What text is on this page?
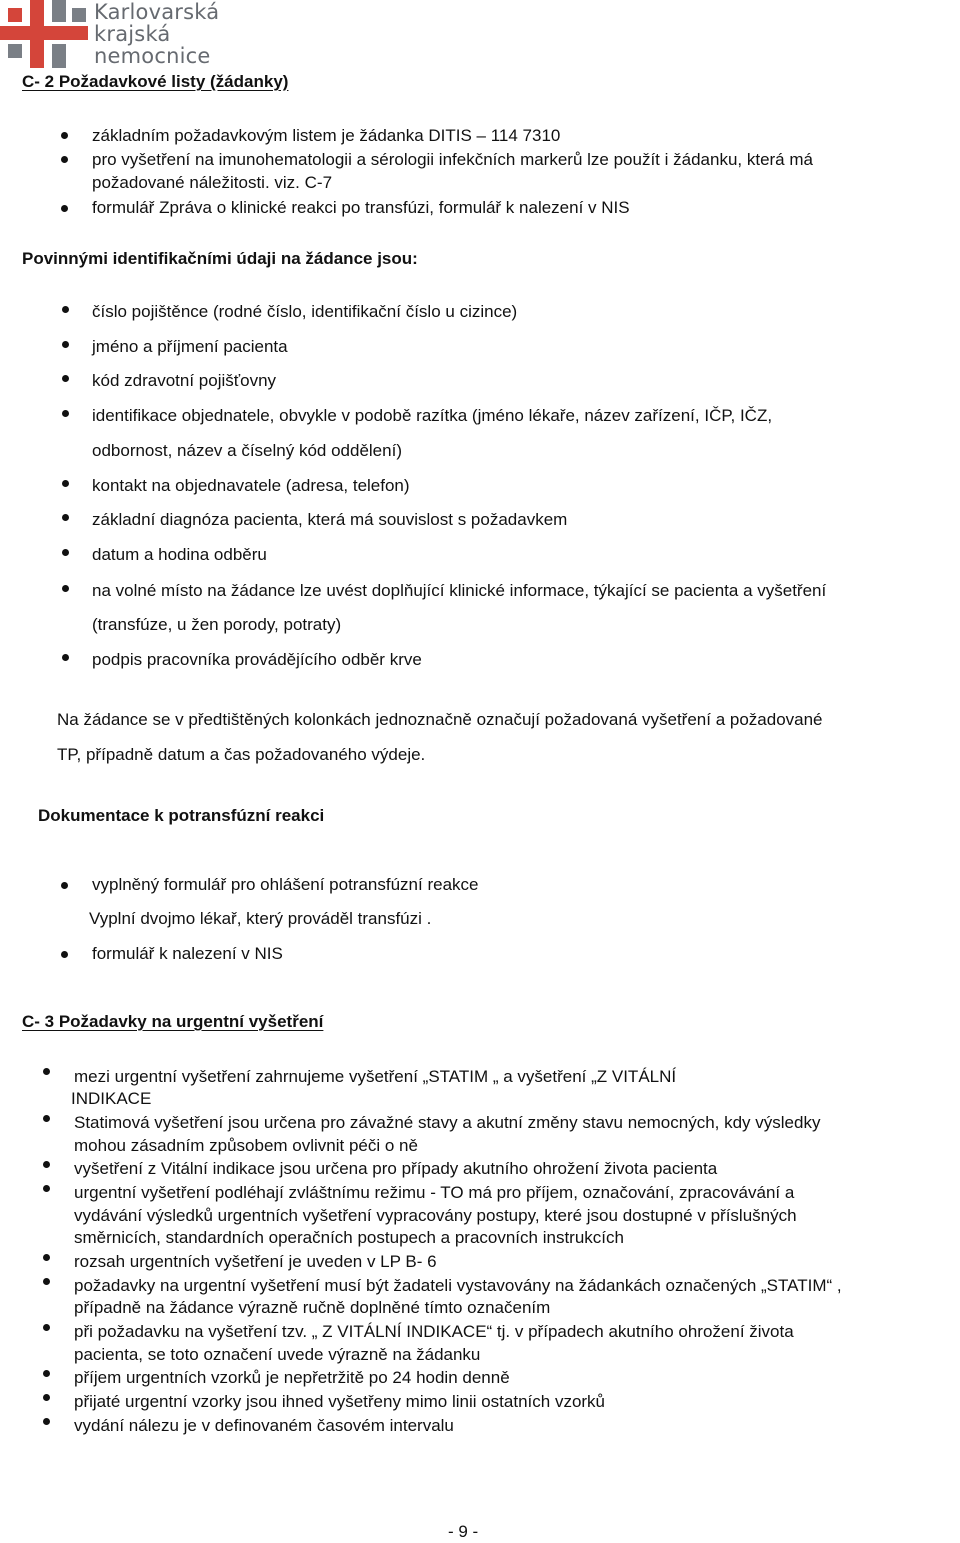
Karlovarská
krajská
nemocnice
C- 2 Požadavkové listy (žádanky)
základním požadavkovým listem je žádanka DITIS – 114 7310
pro vyšetření na imunohematologii a sérologii infekčních markerů lze použít i žádanku, která má
požadované náležitosti. viz. C-7
formulář Zpráva o klinické reakci po transfúzi, formulář k nalezení v NIS
Povinnými identifikačními údaji na žádance jsou:
číslo pojištěnce (rodné číslo, identifikační číslo u cizince)
jméno a příjmení pacienta
kód zdravotní pojišťovny
identifikace objednatele, obvykle v podobě razítka (jméno lékaře, název zařízení, IČP, IČZ,
odbornost, název a číselný kód oddělení)
kontakt na objednavatele (adresa, telefon)
základní diagnóza pacienta, která má souvislost s požadavkem
datum a hodina odběru
na volné místo na žádance lze uvést doplňující klinické informace, týkající se pacienta a vyšetření
(transfúze, u žen porody, potraty)
podpis pracovníka provádějícího odběr krve
Na žádance se v předtištěných kolonkách jednoznačně označují požadovaná vyšetření a požadované
TP, případně datum a čas požadovaného výdeje.
Dokumentace k potransfúzní reakci
vyplněný formulář pro ohlášení potransfúzní reakce
Vyplní dvojmo lékař, který prováděl transfúzi .
formulář k nalezení v NIS
C- 3 Požadavky na urgentní vyšetření
mezi urgentní vyšetření zahrnujeme vyšetření „STATIM „ a vyšetření „Z VITÁLNÍ
INDIKACE
Statimová vyšetření jsou určena pro závažné stavy a akutní změny stavu nemocných, kdy výsledky
mohou zásadním způsobem ovlivnit péči o ně
vyšetření z Vitální indikace jsou určena pro případy akutního ohrožení života pacienta
urgentní vyšetření podléhají zvláštnímu režimu - TO má pro příjem, označování, zpracovávání a
vydávání výsledků urgentních vyšetření vypracovány postupy, které jsou dostupné v příslušných
směrnicích, standardních operačních postupech a pracovních instrukcích
rozsah urgentních vyšetření je uveden v LP B- 6
požadavky na urgentní vyšetření musí být žadateli vystavovány na žádankách označených „STATIM“ ,
případně na žádance výrazně ručně doplněné tímto označením
při požadavku na vyšetření tzv. „ Z VITÁLNÍ INDIKACE“ tj. v případech akutního ohrožení života
pacienta, se toto označení uvede výrazně na žádanku
příjem urgentních vzorků je nepřetržitě po 24 hodin denně
přijaté urgentní vzorky jsou ihned vyšetřeny mimo linii ostatních vzorků
vydání nálezu je v definovaném časovém intervalu
- 9 -
